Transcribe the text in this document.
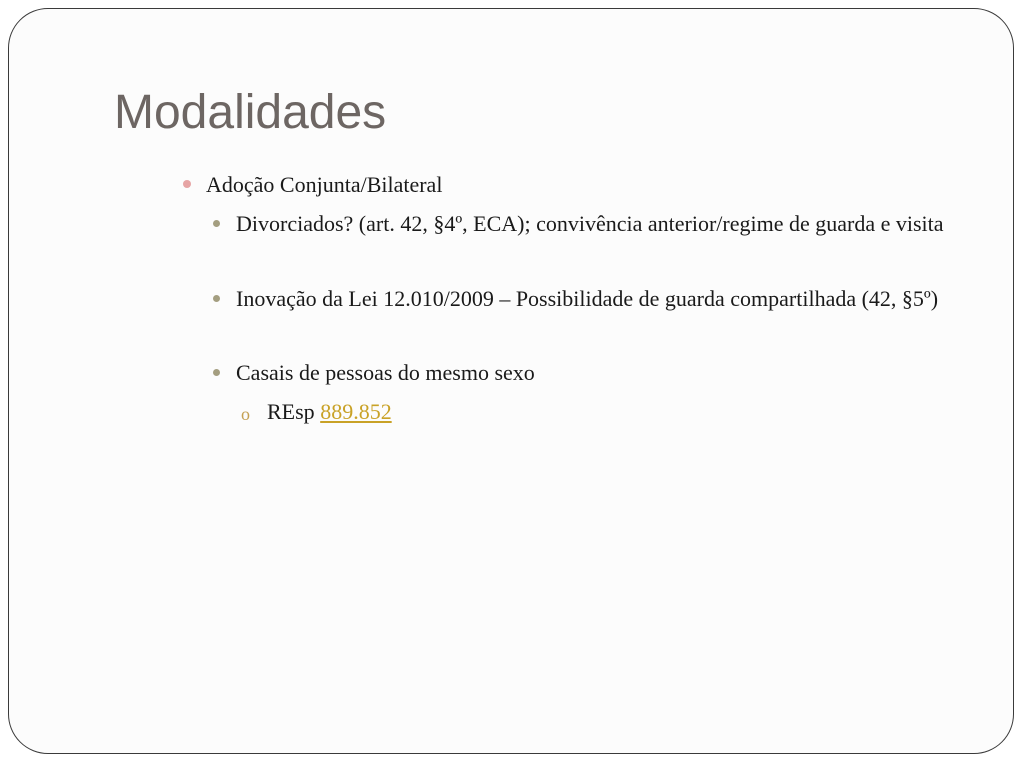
Modalidades
Adoção Conjunta/Bilateral
Divorciados? (art. 42, §4º, ECA); convivência anterior/regime de guarda e visita
Inovação da Lei 12.010/2009 – Possibilidade de guarda compartilhada (42, §5º)
Casais de pessoas do mesmo sexo
o REsp 889.852
